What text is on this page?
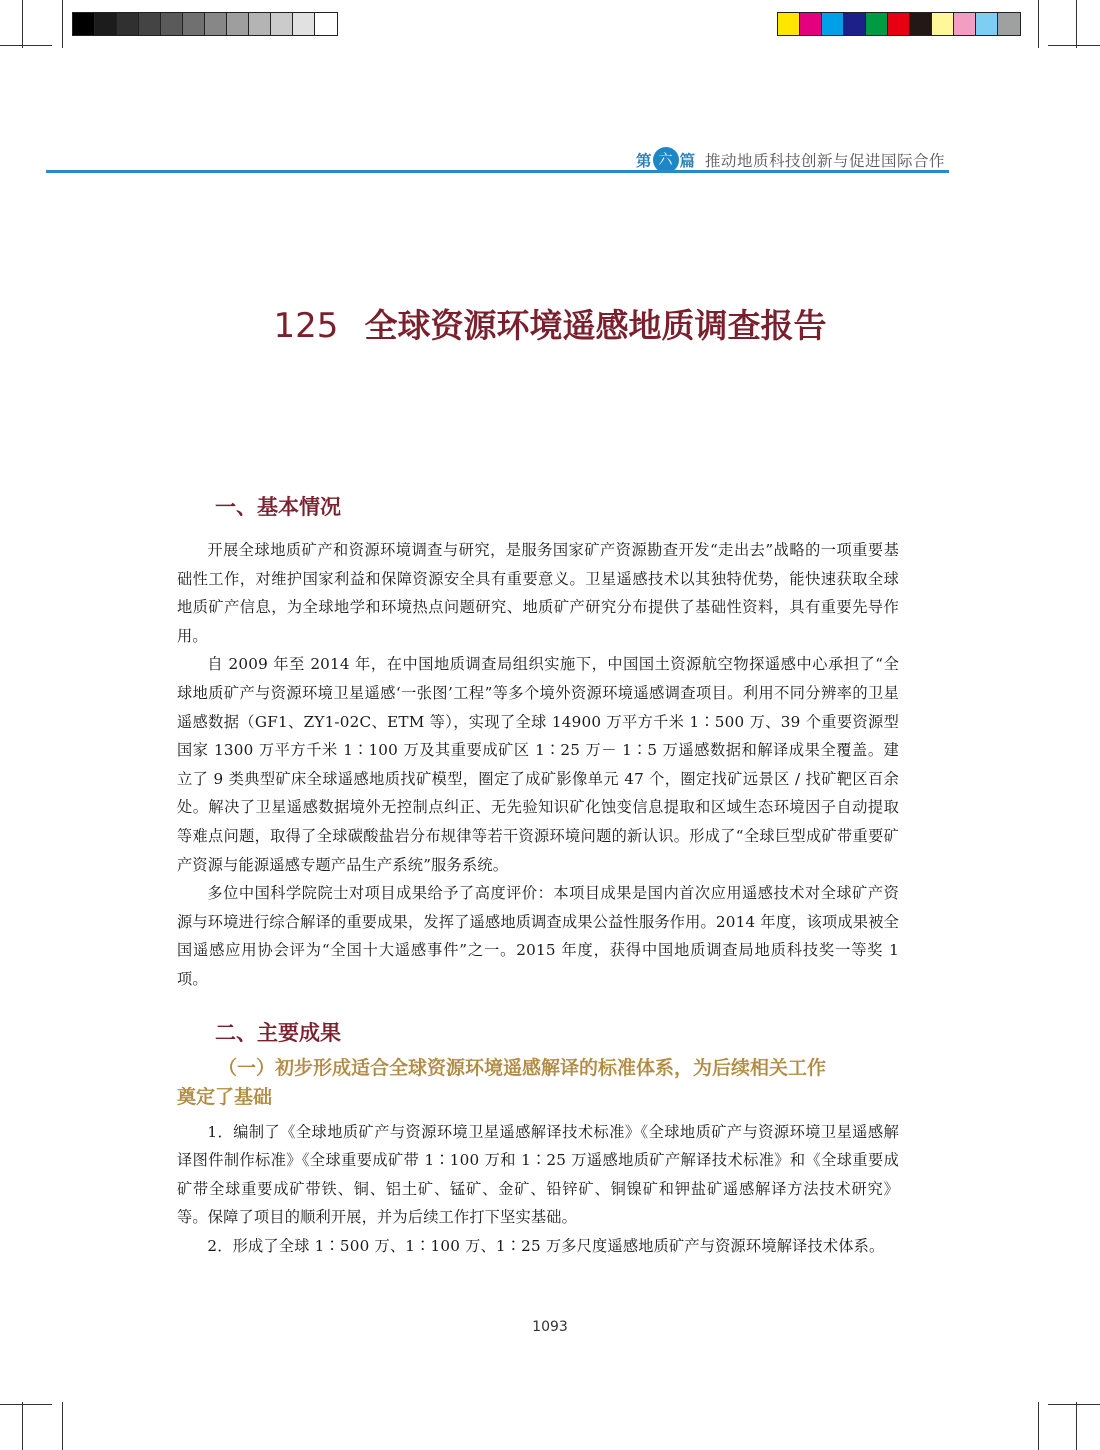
第 六 篇 推动地质科技创新与促进国际合作
125 全球资源环境遥感地质调查报告
一、基本情况

开展全球地质矿产和资源环境调查与研究，是服务国家矿产资源勘查开发“走出去”战略的一项重要基础性工作，对维护国家利益和保障资源安全具有重要意义。卫星遥感技术以其独特优势，能快速获取全球地质矿产信息，为全球地学和环境热点问题研究、地质矿产研究分布提供了基础性资料，具有重要先导作用。

自 2009 年至 2014 年，在中国地质调查局组织实施下，中国国土资源航空物探遥感中心承担了“全球地质矿产与资源环境卫星遥感‘一张图’工程”等多个境外资源环境遥感调查项目。利用不同分辨率的卫星遥感数据（GF1、ZY1-02C、ETM 等），实现了全球 14900 万平方千米 1∶500 万、39 个重要资源型国家 1300 万平方千米 1∶100 万及其重要成矿区 1∶25 万－ 1∶5 万遥感数据和解译成果全覆盖。建立了 9 类典型矿床全球遥感地质找矿模型，圈定了成矿影像单元 47 个，圈定找矿远景区 / 找矿靶区百余处。解决了卫星遥感数据境外无控制点纠正、无先验知识矿化蚀变信息提取和区域生态环境因子自动提取等难点问题，取得了全球碳酸盐岩分布规律等若干资源环境问题的新认识。形成了“全球巨型成矿带重要矿产资源与能源遥感专题产品生产系统”服务系统。

多位中国科学院院士对项目成果给予了高度评价：本项目成果是国内首次应用遥感技术对全球矿产资源与环境进行综合解译的重要成果，发挥了遥感地质调查成果公益性服务作用。2014 年度，该项成果被全国遥感应用协会评为“全国十大遥感事件”之一。2015 年度，获得中国地质调查局地质科技奖一等奖 1 项。

二、主要成果
（一）初步形成适合全球资源环境遥感解译的标准体系，为后续相关工作
奠定了基础

1．编制了《全球地质矿产与资源环境卫星遥感解译技术标准》《全球地质矿产与资源环境卫星遥感解译图件制作标准》《全球重要成矿带 1∶100 万和 1∶25 万遥感地质矿产解译技术标准》和《全球重要成矿带全球重要成矿带铁、铜、铝土矿、锰矿、金矿、铅锌矿、铜镍矿和钾盐矿遥感解译方法技术研究》等。保障了项目的顺利开展，并为后续工作打下坚实基础。

2．形成了全球 1∶500 万、1∶100 万、1∶25 万多尺度遥感地质矿产与资源环境解译技术体系。

1093
